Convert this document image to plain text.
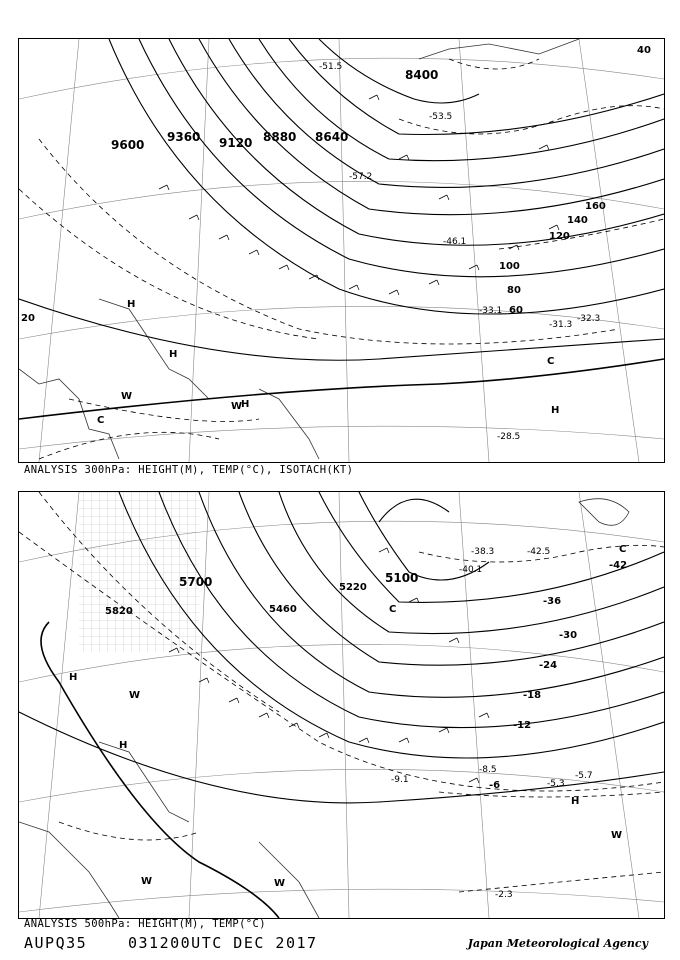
8400
8640
8880
9120
9360
9600
20
40
60
80
100
120
140
160
H
H
H
H
W
W
C
C
-28.5
-31.3
-32.3
-33.1
-57.2
-53.5
-51.5
-46.1
ANALYSIS 300hPa: HEIGHT(M), TEMP(°C), ISOTACH(KT)
5100
5220
5460
5700
5820
-42
-36
-30
-24
-18
-12
-6
H
H
H
W
W	W
W
C
C
-2.3
-5.3
-5.7
-8.5
-9.1
-38.3
-40.1
-42.5
ANALYSIS 500hPa: HEIGHT(M), TEMP(°C)
AUPQ35	031200UTC DEC 2017	Japan Meteorological Agency
